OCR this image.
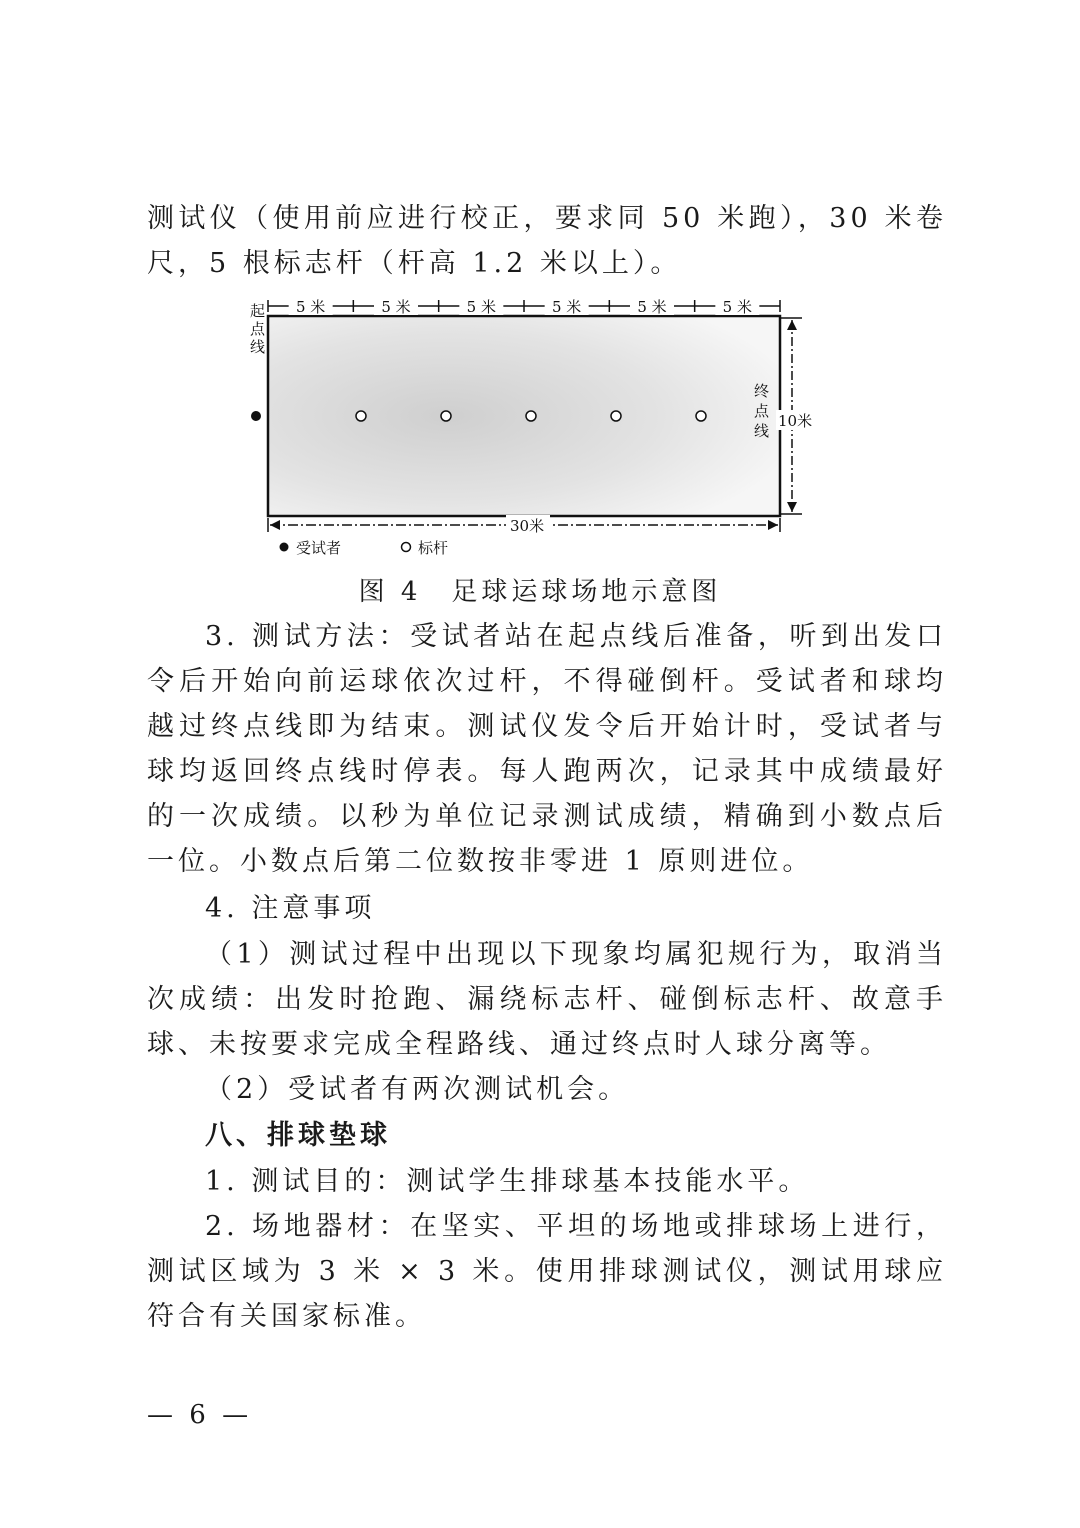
测试仪（使用前应进行校正，要求同 50 米跑），30 米卷尺，5 根标志杆（杆高 1.2 米以上）。

5 米	5 米	5 米	5 米	5 米	5 米
起
点
线
终
点
线
10米
30米
受试者	标杆
图 4　足球运球场地示意图

3. 测试方法：受试者站在起点线后准备，听到出发口令后开始向前运球依次过杆，不得碰倒杆。受试者和球均越过终点线即为结束。测试仪发令后开始计时，受试者与球均返回终点线时停表。每人跑两次，记录其中成绩最好的一次成绩。以秒为单位记录测试成绩，精确到小数点后一位。小数点后第二位数按非零进 1 原则进位。

4. 注意事项

（1）测试过程中出现以下现象均属犯规行为，取消当次成绩：出发时抢跑、漏绕标志杆、碰倒标志杆、故意手球、未按要求完成全程路线、通过终点时人球分离等。

（2）受试者有两次测试机会。

八、排球垫球

1. 测试目的：测试学生排球基本技能水平。

2. 场地器材：在坚实、平坦的场地或排球场上进行，测试区域为 3 米 × 3 米。使用排球测试仪，测试用球应符合有关国家标准。

— 6 —
